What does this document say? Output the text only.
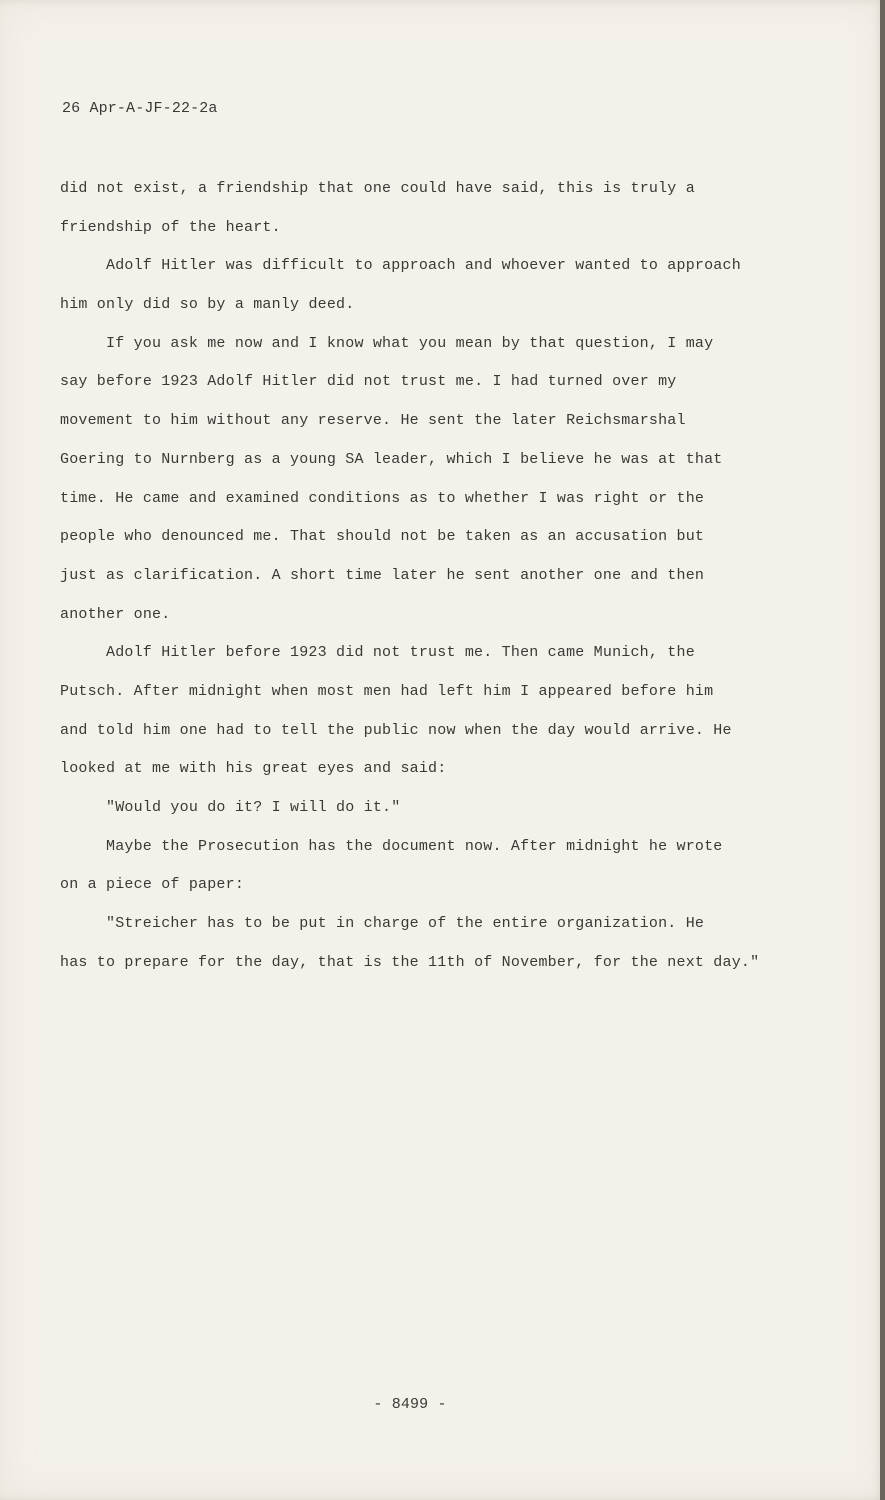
26 Apr-A-JF-22-2a
did not exist, a friendship that one could have said, this is truly a
friendship of the heart.
Adolf Hitler was difficult to approach and whoever wanted to approach
him only did so by a manly deed.
If you ask me now and I know what you mean by that question, I may
say before 1923 Adolf Hitler did not trust me. I had turned over my
movement to him without any reserve. He sent the later Reichsmarshal
Goering to Nurnberg as a young SA leader, which I believe he was at that
time. He came and examined conditions as to whether I was right or the
people who denounced me. That should not be taken as an accusation but
just as clarification. A short time later he sent another one and then
another one.
Adolf Hitler before 1923 did not trust me. Then came Munich, the
Putsch. After midnight when most men had left him I appeared before him
and told him one had to tell the public now when the day would arrive. He
looked at me with his great eyes and said:
"Would you do it? I will do it."
Maybe the Prosecution has the document now. After midnight he wrote
on a piece of paper:
"Streicher has to be put in charge of the entire organization. He
has to prepare for the day, that is the 11th of November, for the next day."
- 8499 -
